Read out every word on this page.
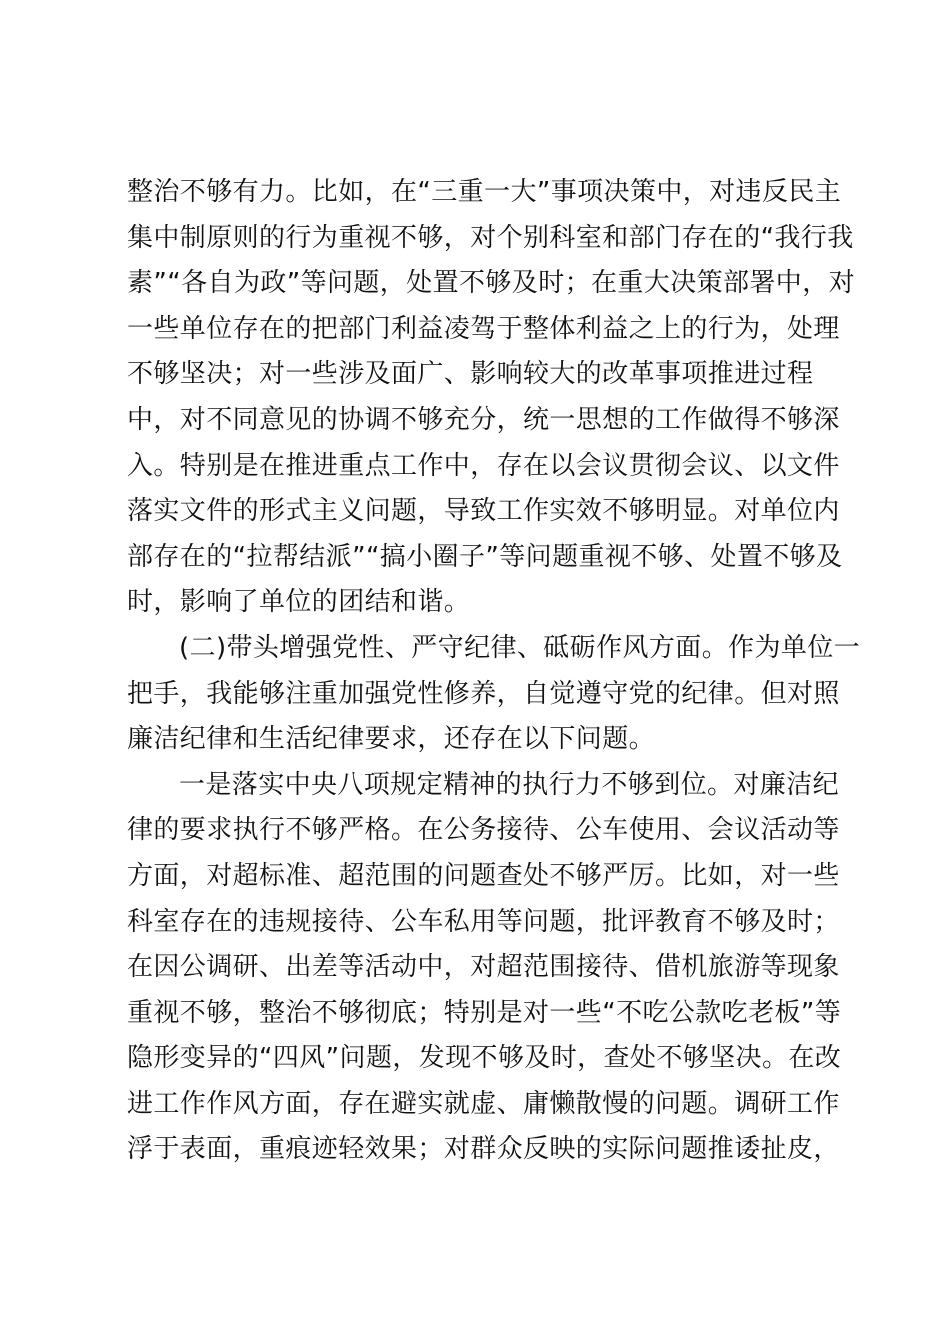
整治不够有力。比如，在“三重一大”事项决策中，对违反民主
集中制原则的行为重视不够，对个别科室和部门存在的“我行我
素”“各自为政”等问题，处置不够及时；在重大决策部署中，对
一些单位存在的把部门利益凌驾于整体利益之上的行为，处理
不够坚决；对一些涉及面广、影响较大的改革事项推进过程
中，对不同意见的协调不够充分，统一思想的工作做得不够深
入。特别是在推进重点工作中，存在以会议贯彻会议、以文件
落实文件的形式主义问题，导致工作实效不够明显。对单位内
部存在的“拉帮结派”“搞小圈子”等问题重视不够、处置不够及
时，影响了单位的团结和谐。
(二)带头增强党性、严守纪律、砥砺作风方面。作为单位一
把手，我能够注重加强党性修养，自觉遵守党的纪律。但对照
廉洁纪律和生活纪律要求，还存在以下问题。
一是落实中央八项规定精神的执行力不够到位。对廉洁纪
律的要求执行不够严格。在公务接待、公车使用、会议活动等
方面，对超标准、超范围的问题查处不够严厉。比如，对一些
科室存在的违规接待、公车私用等问题，批评教育不够及时；
在因公调研、出差等活动中，对超范围接待、借机旅游等现象
重视不够，整治不够彻底；特别是对一些“不吃公款吃老板”等
隐形变异的“四风”问题，发现不够及时，查处不够坚决。在改
进工作作风方面，存在避实就虚、庸懒散慢的问题。调研工作
浮于表面，重痕迹轻效果；对群众反映的实际问题推诿扯皮，
